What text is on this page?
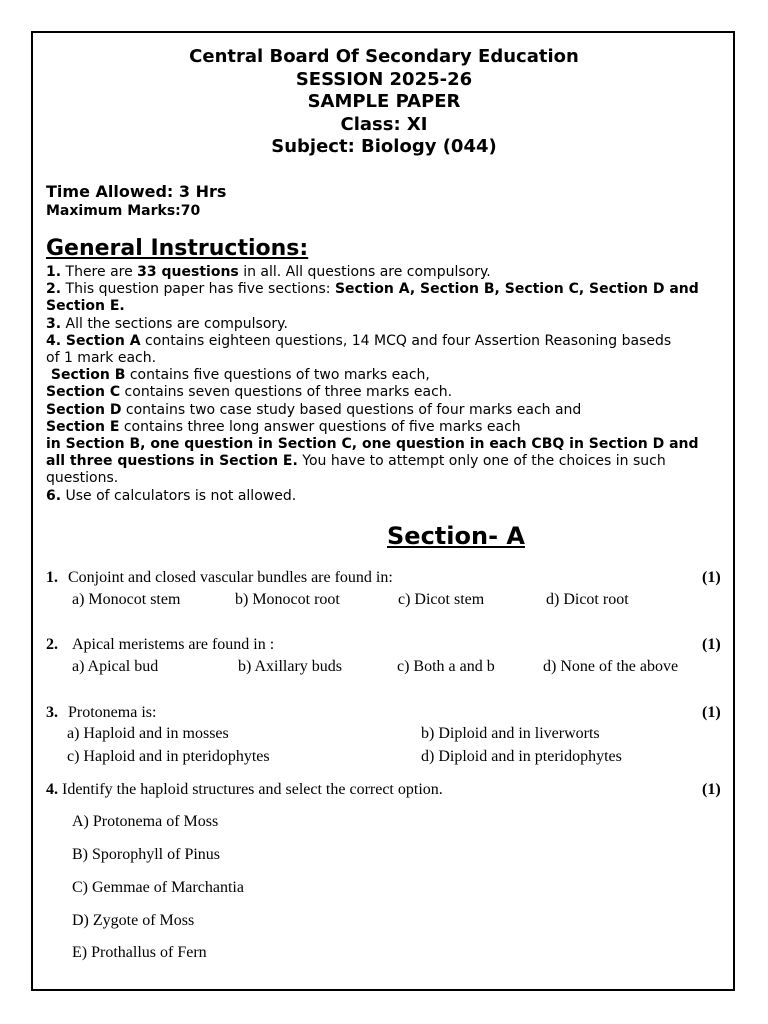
Central Board Of Secondary Education
SESSION 2025-26
SAMPLE PAPER
Class: XI
Subject: Biology (044)
Time Allowed: 3 Hrs
Maximum Marks:70
General Instructions:
1. There are 33 questions in all. All questions are compulsory.
2. This question paper has five sections: Section A, Section B, Section C, Section D and
Section E.
3. All the sections are compulsory.
4. Section A contains eighteen questions, 14 MCQ and four Assertion Reasoning baseds
of 1 mark each.
Section B contains five questions of two marks each,
Section C contains seven questions of three marks each.
Section D contains two case study based questions of four marks each and
Section E contains three long answer questions of five marks each
in Section B, one question in Section C, one question in each CBQ in Section D and
all three questions in Section E. You have to attempt only one of the choices in such
questions.
6. Use of calculators is not allowed.
Section- A
1. Conjoint and closed vascular bundles are found in:	(1)
a) Monocot stem	b) Monocot root	c) Dicot stem	d) Dicot root
2. Apical meristems are found in :	(1)
a) Apical bud	b) Axillary buds	c) Both a and b	d) None of the above
3. Protonema is:	(1)
a) Haploid and in mosses	b) Diploid and in liverworts
c) Haploid and in pteridophytes	d) Diploid and in pteridophytes
4. Identify the haploid structures and select the correct option.	(1)
A) Protonema of Moss
B) Sporophyll of Pinus
C) Gemmae of Marchantia
D) Zygote of Moss
E) Prothallus of Fern
